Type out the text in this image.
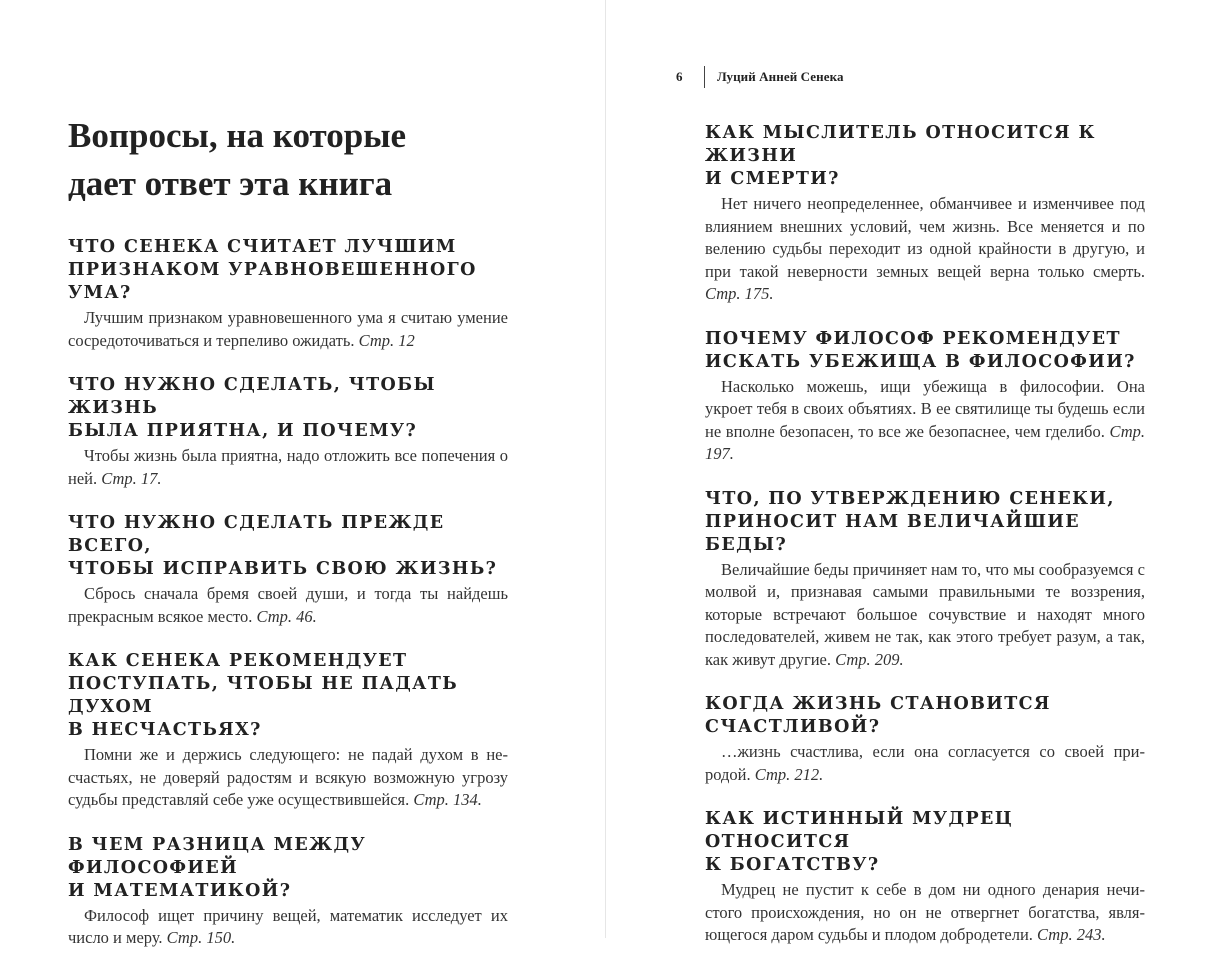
Вопросы, на которые
дает ответ эта книга

ЧТО СЕНЕКА СЧИТАЕТ ЛУЧШИМ
ПРИЗНАКОМ УРАВНОВЕШЕННОГО УМА?

Лучшим признаком уравновешенного ума я считаю умение сосредоточиваться и терпеливо ожидать. Стр. 12

ЧТО НУЖНО СДЕЛАТЬ, ЧТОБЫ ЖИЗНЬ
БЫЛА ПРИЯТНА, И ПОЧЕМУ?

Чтобы жизнь была приятна, надо отложить все попечения о ней. Стр. 17.

ЧТО НУЖНО СДЕЛАТЬ ПРЕЖДЕ ВСЕГО,
ЧТОБЫ ИСПРАВИТЬ СВОЮ ЖИЗНЬ?

Сбрось сначала бремя своей души, и тогда ты найдешь прекрасным всякое место. Стр. 46.

КАК СЕНЕКА РЕКОМЕНДУЕТ
ПОСТУПАТЬ, ЧТОБЫ НЕ ПАДАТЬ ДУХОМ
В НЕСЧАСТЬЯХ?

Помни же и держись следующего: не падай духом в несчастьях, не доверяй радостям и всякую возможную угрозу судьбы представляй себе уже осуществившейся. Стр. 134.

В ЧЕМ РАЗНИЦА МЕЖДУ ФИЛОСОФИЕЙ
И МАТЕМАТИКОЙ?

Философ ищет причину вещей, математик исследует их число и меру. Стр. 150.

6	Луций Анней Сенека

КАК МЫСЛИТЕЛЬ ОТНОСИТСЯ К ЖИЗНИ
И СМЕРТИ?

Нет ничего неопределеннее, обманчивее и изменчивее под влиянием внешних условий, чем жизнь. Все меняется и по велению судьбы переходит из одной крайности в другую, и при такой неверности земных вещей верна только смерть. Стр. 175.

ПОЧЕМУ ФИЛОСОФ РЕКОМЕНДУЕТ
ИСКАТЬ УБЕЖИЩА В ФИЛОСОФИИ?

Насколько можешь, ищи убежища в философии. Она укроет тебя в своих объятиях. В ее святилище ты будешь если не вполне безопасен, то все же безопаснее, чем гделибо. Стр. 197.

ЧТО, ПО УТВЕРЖДЕНИЮ СЕНЕКИ,
ПРИНОСИТ НАМ ВЕЛИЧАЙШИЕ БЕДЫ?

Величайшие беды причиняет нам то, что мы сообразуемся с молвой и, признавая самыми правильными те воззрения, которые встречают большое сочувствие и находят много последователей, живем не так, как этого требует разум, а так, как живут другие. Стр. 209.

КОГДА ЖИЗНЬ СТАНОВИТСЯ
СЧАСТЛИВОЙ?

…жизнь счастлива, если она согласуется со своей природой. Стр. 212.

КАК ИСТИННЫЙ МУДРЕЦ ОТНОСИТСЯ
К БОГАТСТВУ?

Мудрец не пустит к себе в дом ни одного денария нечистого происхождения, но он не отвергнет богатства, являющегося даром судьбы и плодом добродетели. Стр. 243.
